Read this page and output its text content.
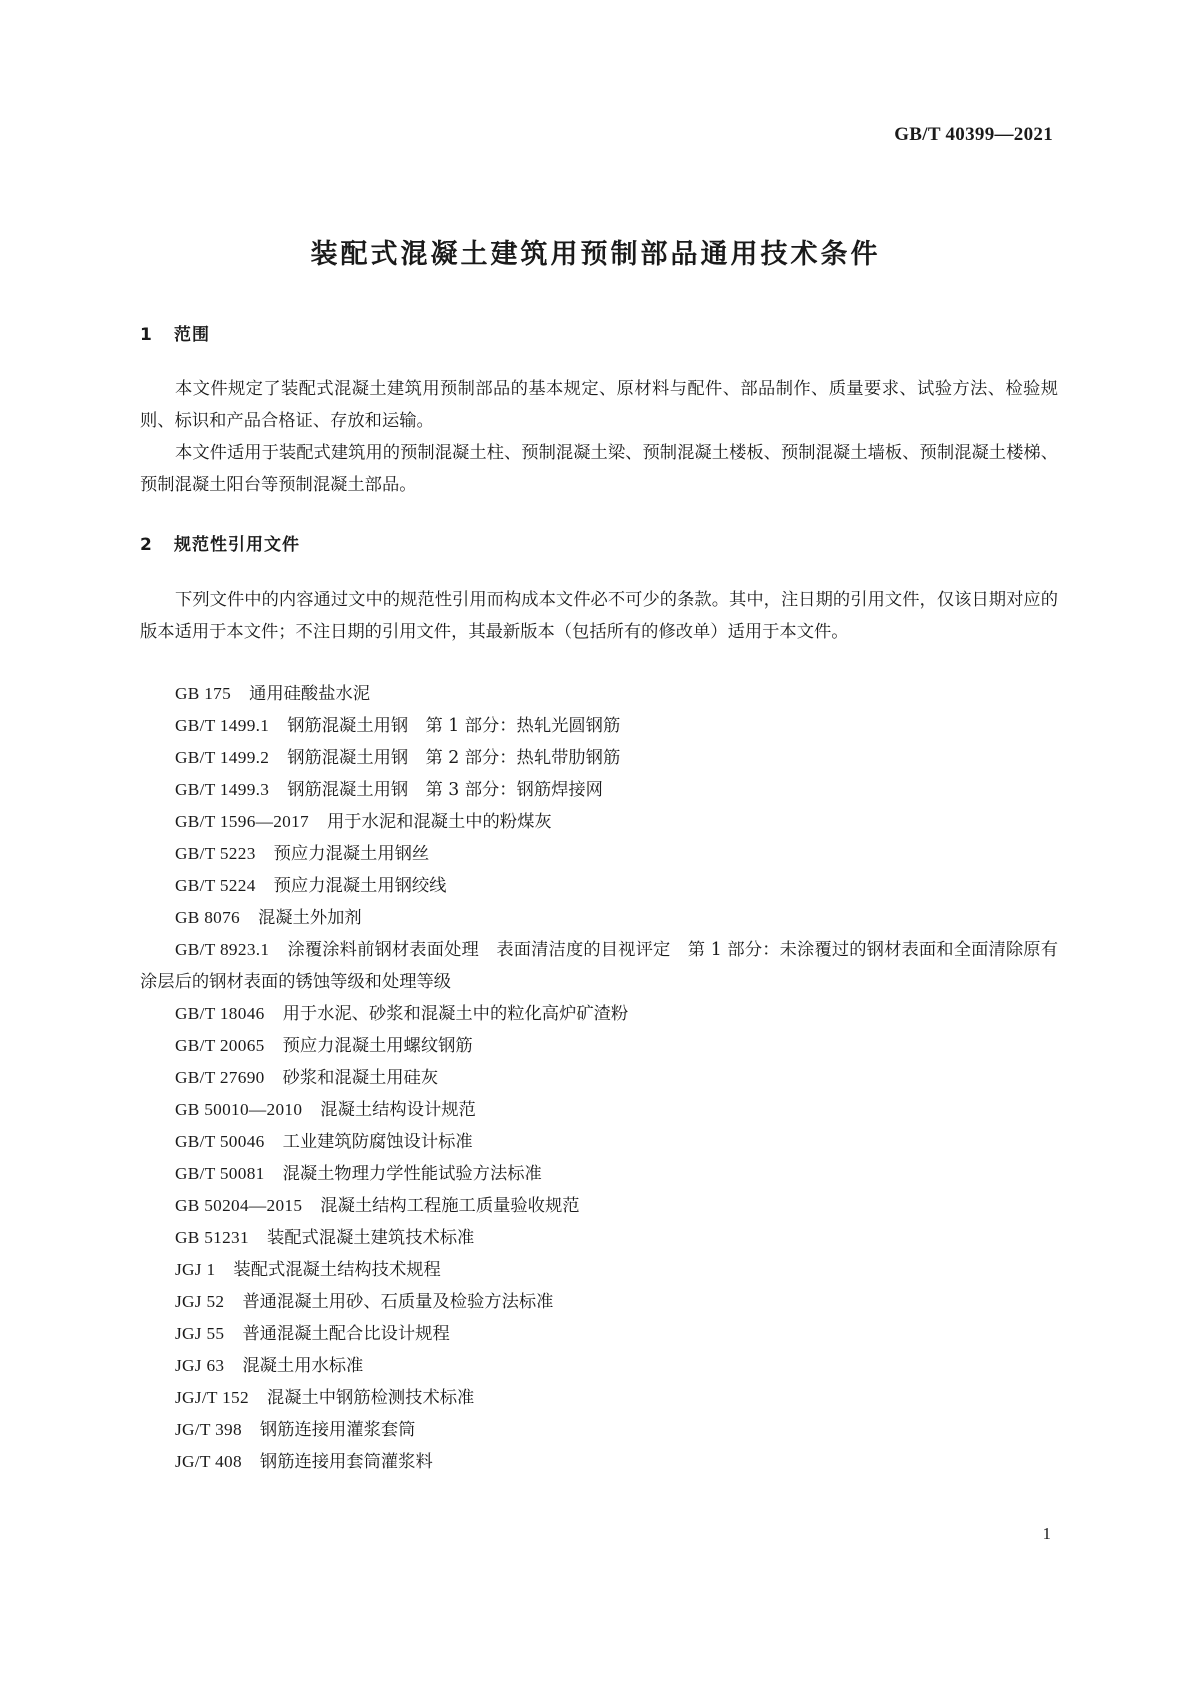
GB/T 40399—2021
装配式混凝土建筑用预制部品通用技术条件
1 范围

本文件规定了装配式混凝土建筑用预制部品的基本规定、原材料与配件、部品制作、质量要求、试验方法、检验规则、标识和产品合格证、存放和运输。

本文件适用于装配式建筑用的预制混凝土柱、预制混凝土梁、预制混凝土楼板、预制混凝土墙板、预制混凝土楼梯、预制混凝土阳台等预制混凝土部品。

2 规范性引用文件

下列文件中的内容通过文中的规范性引用而构成本文件必不可少的条款。其中，注日期的引用文件，仅该日期对应的版本适用于本文件；不注日期的引用文件，其最新版本（包括所有的修改单）适用于本文件。

GB 175 通用硅酸盐水泥

GB/T 1499.1 钢筋混凝土用钢　第 1 部分：热轧光圆钢筋

GB/T 1499.2 钢筋混凝土用钢　第 2 部分：热轧带肋钢筋

GB/T 1499.3 钢筋混凝土用钢　第 3 部分：钢筋焊接网

GB/T 1596—2017 用于水泥和混凝土中的粉煤灰

GB/T 5223 预应力混凝土用钢丝

GB/T 5224 预应力混凝土用钢绞线

GB 8076 混凝土外加剂

GB/T 8923.1 涂覆涂料前钢材表面处理　表面清洁度的目视评定　第 1 部分：未涂覆过的钢材表面和全面清除原有涂层后的钢材表面的锈蚀等级和处理等级

GB/T 18046 用于水泥、砂浆和混凝土中的粒化高炉矿渣粉

GB/T 20065 预应力混凝土用螺纹钢筋

GB/T 27690 砂浆和混凝土用硅灰

GB 50010—2010 混凝土结构设计规范

GB/T 50046 工业建筑防腐蚀设计标准

GB/T 50081 混凝土物理力学性能试验方法标准

GB 50204—2015 混凝土结构工程施工质量验收规范

GB 51231 装配式混凝土建筑技术标准

JGJ 1 装配式混凝土结构技术规程

JGJ 52 普通混凝土用砂、石质量及检验方法标准

JGJ 55 普通混凝土配合比设计规程

JGJ 63 混凝土用水标准

JGJ/T 152 混凝土中钢筋检测技术标准

JG/T 398 钢筋连接用灌浆套筒

JG/T 408 钢筋连接用套筒灌浆料

1
